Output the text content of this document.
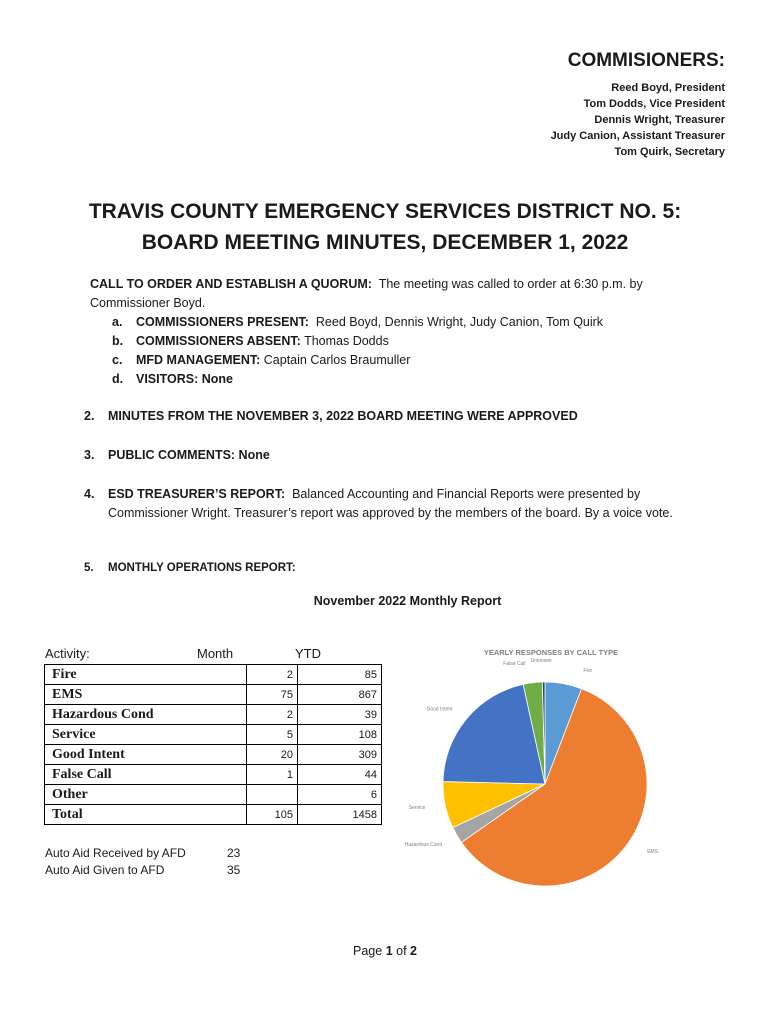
COMMISIONERS:
Reed Boyd, President
Tom Dodds, Vice President
Dennis Wright, Treasurer
Judy Canion, Assistant Treasurer
Tom Quirk, Secretary
TRAVIS COUNTY EMERGENCY SERVICES DISTRICT NO. 5:
BOARD MEETING MINUTES, DECEMBER 1, 2022
CALL TO ORDER AND ESTABLISH A QUORUM: The meeting was called to order at 6:30 p.m. by Commissioner Boyd.
a. COMMISSIONERS PRESENT: Reed Boyd, Dennis Wright, Judy Canion, Tom Quirk
b. COMMISSIONERS ABSENT: Thomas Dodds
c. MFD MANAGEMENT: Captain Carlos Braumuller
d. VISITORS: None
2. MINUTES FROM THE NOVEMBER 3, 2022 BOARD MEETING WERE APPROVED
3. PUBLIC COMMENTS: None
4. ESD TREASURER’S REPORT: Balanced Accounting and Financial Reports were presented by Commissioner Wright. Treasurer’s report was approved by the members of the board. By a voice vote.
5. MONTHLY OPERATIONS REPORT:
November 2022 Monthly Report
Activity:	Month	YTD
Fire	2	85
EMS	75	867
Hazardous Cond	2	39
Service	5	108
Good Intent	20	309
False Call	1	44
Other		6
Total	105	1458
Auto Aid Received by AFD	23
Auto Aid Given to AFD	35
YEARLY RESPONSES BY CALL TYPE
Fire
EMS
Hazardous Cond
Service
Good Intent
False Call Unknown
Page 1 of 2
